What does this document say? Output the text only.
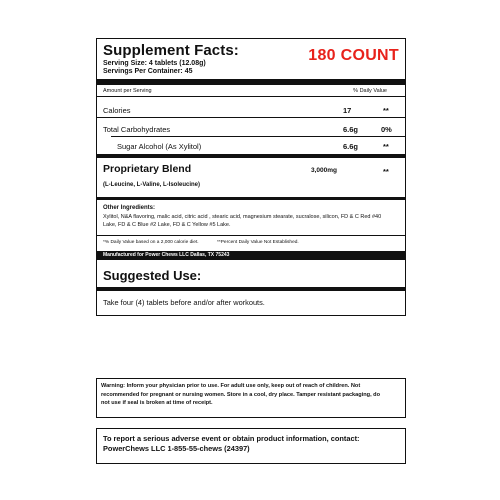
Supplement Facts:	180 COUNT
Serving Size: 4 tablets (12.08g)
Servings Per Container: 45
Amount per Serving	% Daily Value
Calories	17	**
Total Carbohydrates	6.6g	0%
Sugar Alcohol (As Xylitol)	6.6g	**
Proprietary Blend	3,000mg	**
(L-Leucine, L-Valine, L-Isoleucine)
Other Ingredients:
Xylitol, N&A flavoring, malic acid, citric acid , stearic acid, magnesium stearate, sucralose, silicon, FD & C Red #40
Lake, FD & C Blue #2 Lake, FD & C Yellow #5 Lake.
*% Daily Value based on a 2,000 calorie diet.	**Percent Daily Value Not Established.
Manufactured for Power Chews LLC Dallas, TX 75243
Suggested Use:
Take four (4) tablets before and/or after workouts.
Warning: Inform your physician prior to use. For adult use only, keep out of reach of children. Not
recommended for pregnant or nursing women. Store in a cool, dry place. Tamper resistant packaging, do
not use if seal is broken at time of receipt.
To report a serious adverse event or obtain product information, contact:
PowerChews LLC 1-855-55-chews (24397)
